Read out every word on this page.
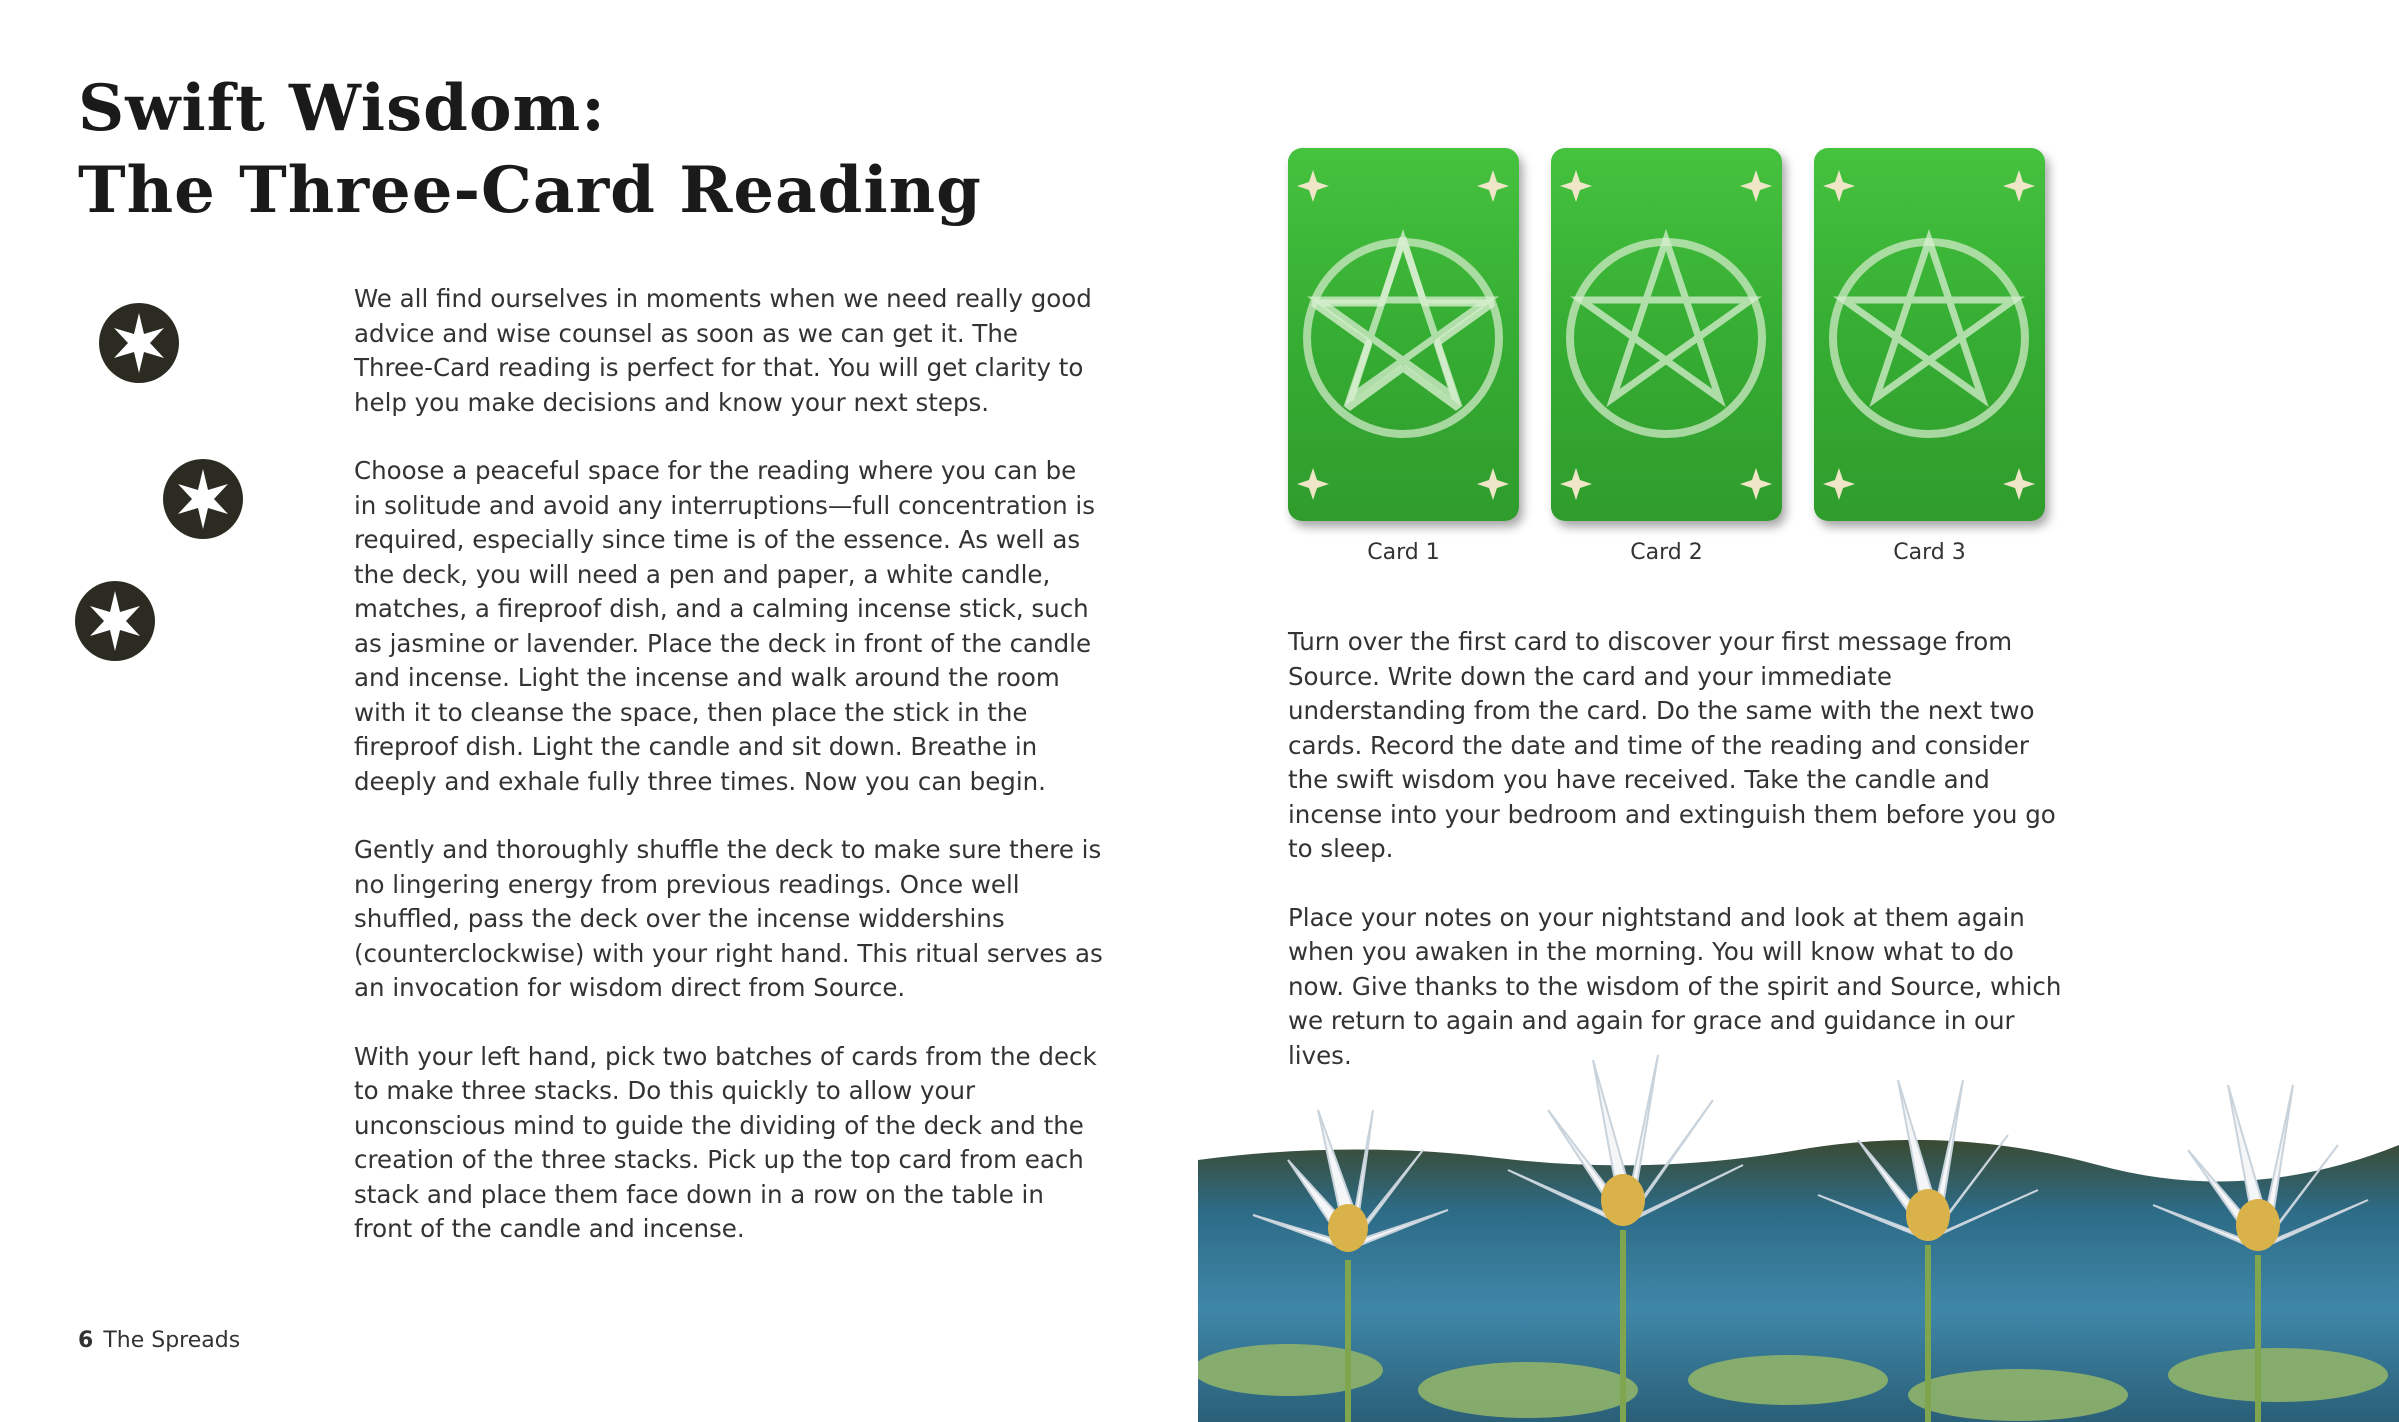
Swift Wisdom:
The Three-Card Reading

We all find ourselves in moments when we need really good advice and wise counsel as soon as we can get it. The Three-Card reading is perfect for that. You will get clarity to help you make decisions and know your next steps.

Choose a peaceful space for the reading where you can be in solitude and avoid any interruptions—full concentration is required, especially since time is of the essence. As well as the deck, you will need a pen and paper, a white candle, matches, a fireproof dish, and a calming incense stick, such as jasmine or lavender. Place the deck in front of the candle and incense. Light the incense and walk around the room with it to cleanse the space, then place the stick in the fireproof dish. Light the candle and sit down. Breathe in deeply and exhale fully three times. Now you can begin.

Gently and thoroughly shuffle the deck to make sure there is no lingering energy from previous readings. Once well shuffled, pass the deck over the incense widdershins (counterclockwise) with your right hand. This ritual serves as an invocation for wisdom direct from Source.

With your left hand, pick two batches of cards from the deck to make three stacks. Do this quickly to allow your unconscious mind to guide the dividing of the deck and the creation of the three stacks. Pick up the top card from each stack and place them face down in a row on the table in front of the candle and incense.

Card 1	Card 2	Card 3

Turn over the first card to discover your first message from Source. Write down the card and your immediate understanding from the card. Do the same with the next two cards. Record the date and time of the reading and consider the swift wisdom you have received. Take the candle and incense into your bedroom and extinguish them before you go to sleep.

Place your notes on your nightstand and look at them again when you awaken in the morning. You will know what to do now. Give thanks to the wisdom of the spirit and Source, which we return to again and again for grace and guidance in our lives.

6 The Spreads
